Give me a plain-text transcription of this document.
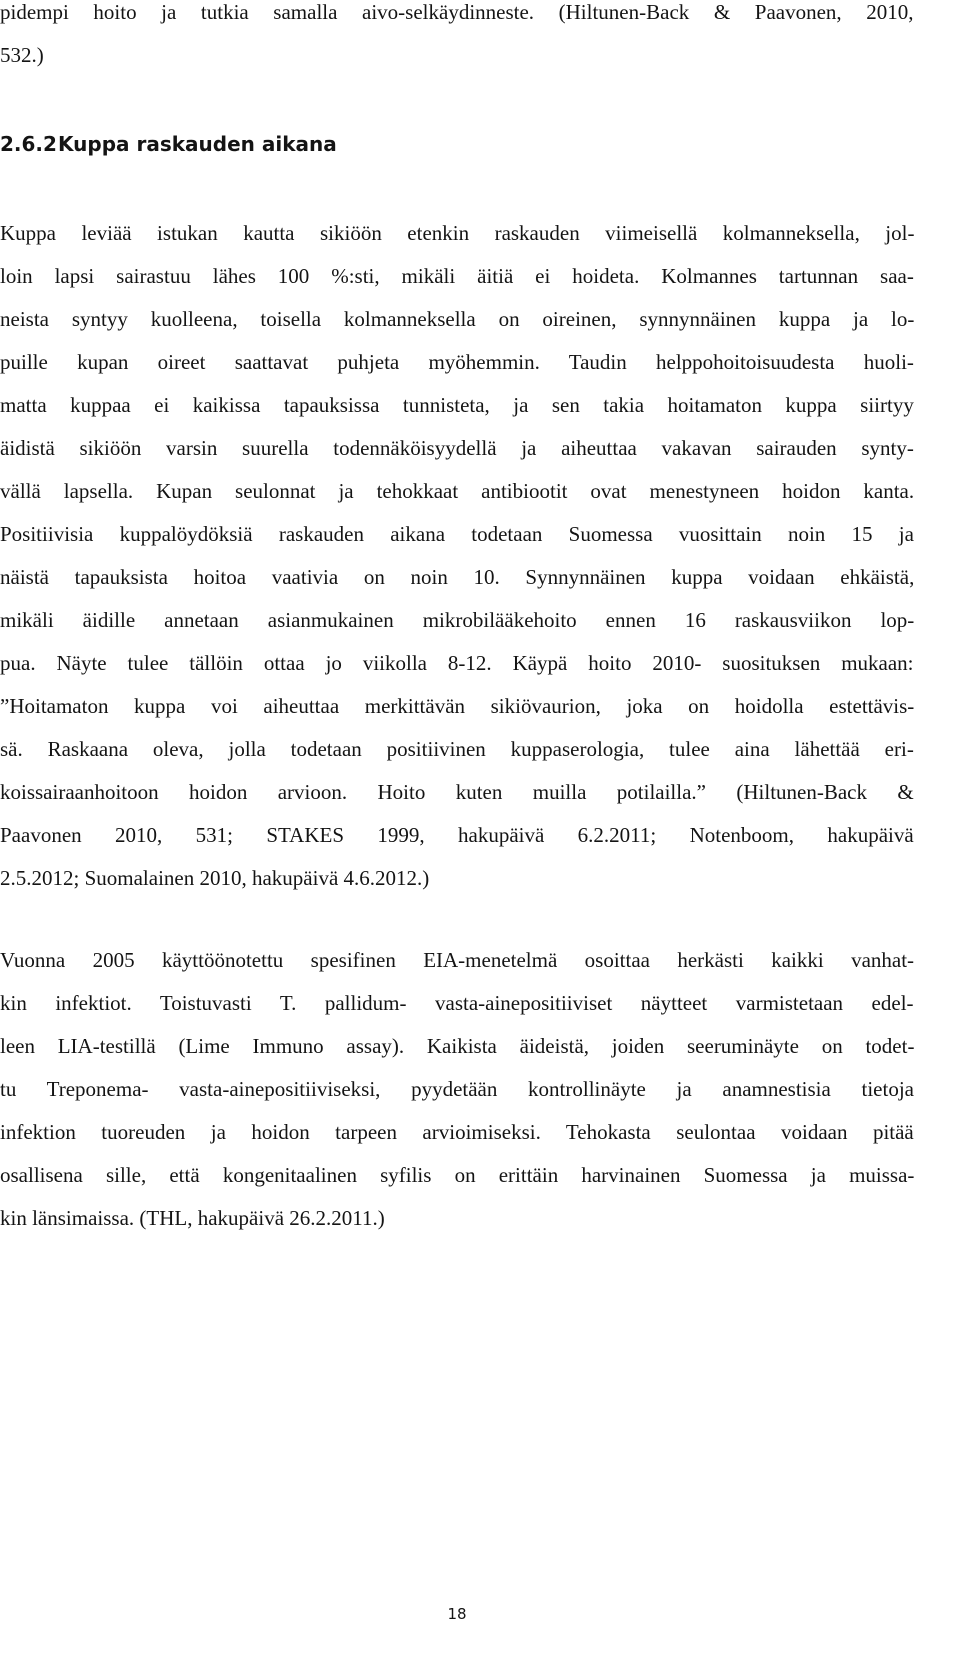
pidempi hoito ja tutkia samalla aivo-selkäydinneste. (Hiltunen-Back & Paavonen, 2010,
532.)
2.6.2Kuppa raskauden aikana
Kuppa leviää istukan kautta sikiöön etenkin raskauden viimeisellä kolmanneksella, jol-
loin lapsi sairastuu lähes 100 %:sti, mikäli äitiä ei hoideta. Kolmannes tartunnan saa-
neista syntyy kuolleena, toisella kolmanneksella on oireinen, synnynnäinen kuppa ja lo-
puille kupan oireet saattavat puhjeta myöhemmin. Taudin helppohoitoisuudesta huoli-
matta kuppaa ei kaikissa tapauksissa tunnisteta, ja sen takia hoitamaton kuppa siirtyy
äidistä sikiöön varsin suurella todennäköisyydellä ja aiheuttaa vakavan sairauden synty-
vällä lapsella. Kupan seulonnat ja tehokkaat antibiootit ovat menestyneen hoidon kanta.
Positiivisia kuppalöydöksiä raskauden aikana todetaan Suomessa vuosittain noin 15 ja
näistä tapauksista hoitoa vaativia on noin 10. Synnynnäinen kuppa voidaan ehkäistä,
mikäli äidille annetaan asianmukainen mikrobilääkehoito ennen 16 raskausviikon lop-
pua. Näyte tulee tällöin ottaa jo viikolla 8-12. Käypä hoito 2010- suosituksen mukaan:
”Hoitamaton kuppa voi aiheuttaa merkittävän sikiövaurion, joka on hoidolla estettävis-
sä. Raskaana oleva, jolla todetaan positiivinen kuppaserologia, tulee aina lähettää eri-
koissairaanhoitoon hoidon arvioon. Hoito kuten muilla potilailla.” (Hiltunen-Back &
Paavonen 2010, 531; STAKES 1999, hakupäivä 6.2.2011; Notenboom, hakupäivä
2.5.2012; Suomalainen 2010, hakupäivä 4.6.2012.)
Vuonna 2005 käyttöönotettu spesifinen EIA-menetelmä osoittaa herkästi kaikki vanhat-
kin infektiot. Toistuvasti T. pallidum- vasta-ainepositiiviset näytteet varmistetaan edel-
leen LIA-testillä (Lime Immuno assay). Kaikista äideistä, joiden seeruminäyte on todet-
tu Treponema- vasta-ainepositiiviseksi, pyydetään kontrollinäyte ja anamnestisia tietoja
infektion tuoreuden ja hoidon tarpeen arvioimiseksi. Tehokasta seulontaa voidaan pitää
osallisena sille, että kongenitaalinen syfilis on erittäin harvinainen Suomessa ja muissa-
kin länsimaissa. (THL, hakupäivä 26.2.2011.)
18
